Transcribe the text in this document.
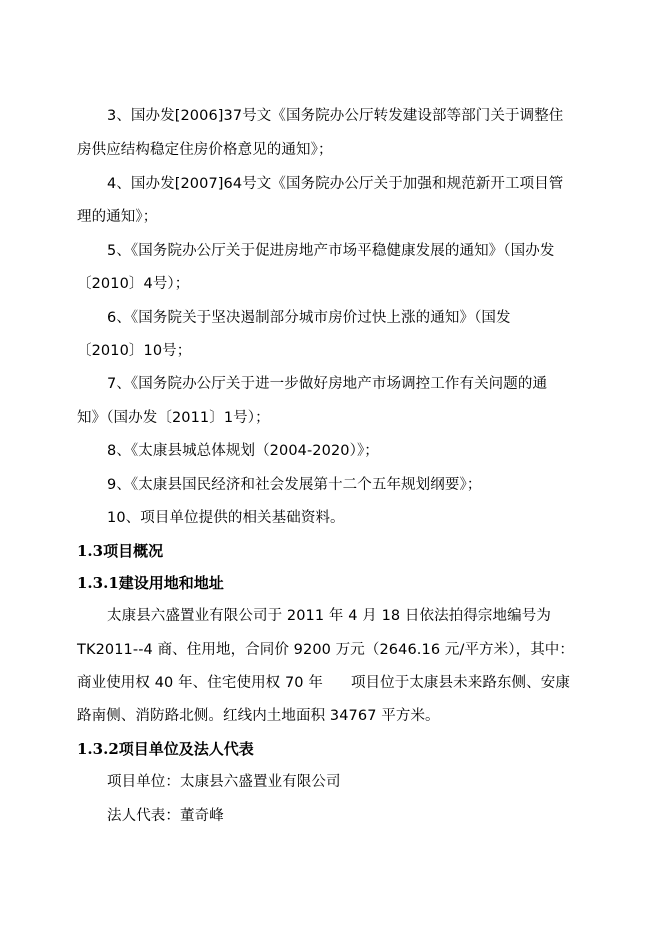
3、国办发[2006]37号文《国务院办公厅转发建设部等部门关于调整住
房供应结构稳定住房价格意见的通知》；
4、国办发[2007]64号文《国务院办公厅关于加强和规范新开工项目管
理的通知》；
5、《国务院办公厅关于促进房地产市场平稳健康发展的通知》（国办发
〔2010〕4号）；
6、《国务院关于坚决遏制部分城市房价过快上涨的通知》（国发
〔2010〕10号；
7、《国务院办公厅关于进一步做好房地产市场调控工作有关问题的通
知》（国办发〔2011〕1号）；
8、《太康县城总体规划（2004-2020）》；
9、《太康县国民经济和社会发展第十二个五年规划纲要》；
10、项目单位提供的相关基础资料。
1.3项目概况
1.3.1建设用地和地址
太康县六盛置业有限公司于 2011 年 4 月 18 日依法拍得宗地编号为
TK2011--4 商、住用地，合同价 9200 万元（2646.16 元/平方米），其中：
商业使用权 40 年、住宅使用权 70 年 项目位于太康县未来路东侧、安康
路南侧、消防路北侧。红线内土地面积 34767 平方米。
1.3.2项目单位及法人代表
项目单位：太康县六盛置业有限公司
法人代表：董奇峰
